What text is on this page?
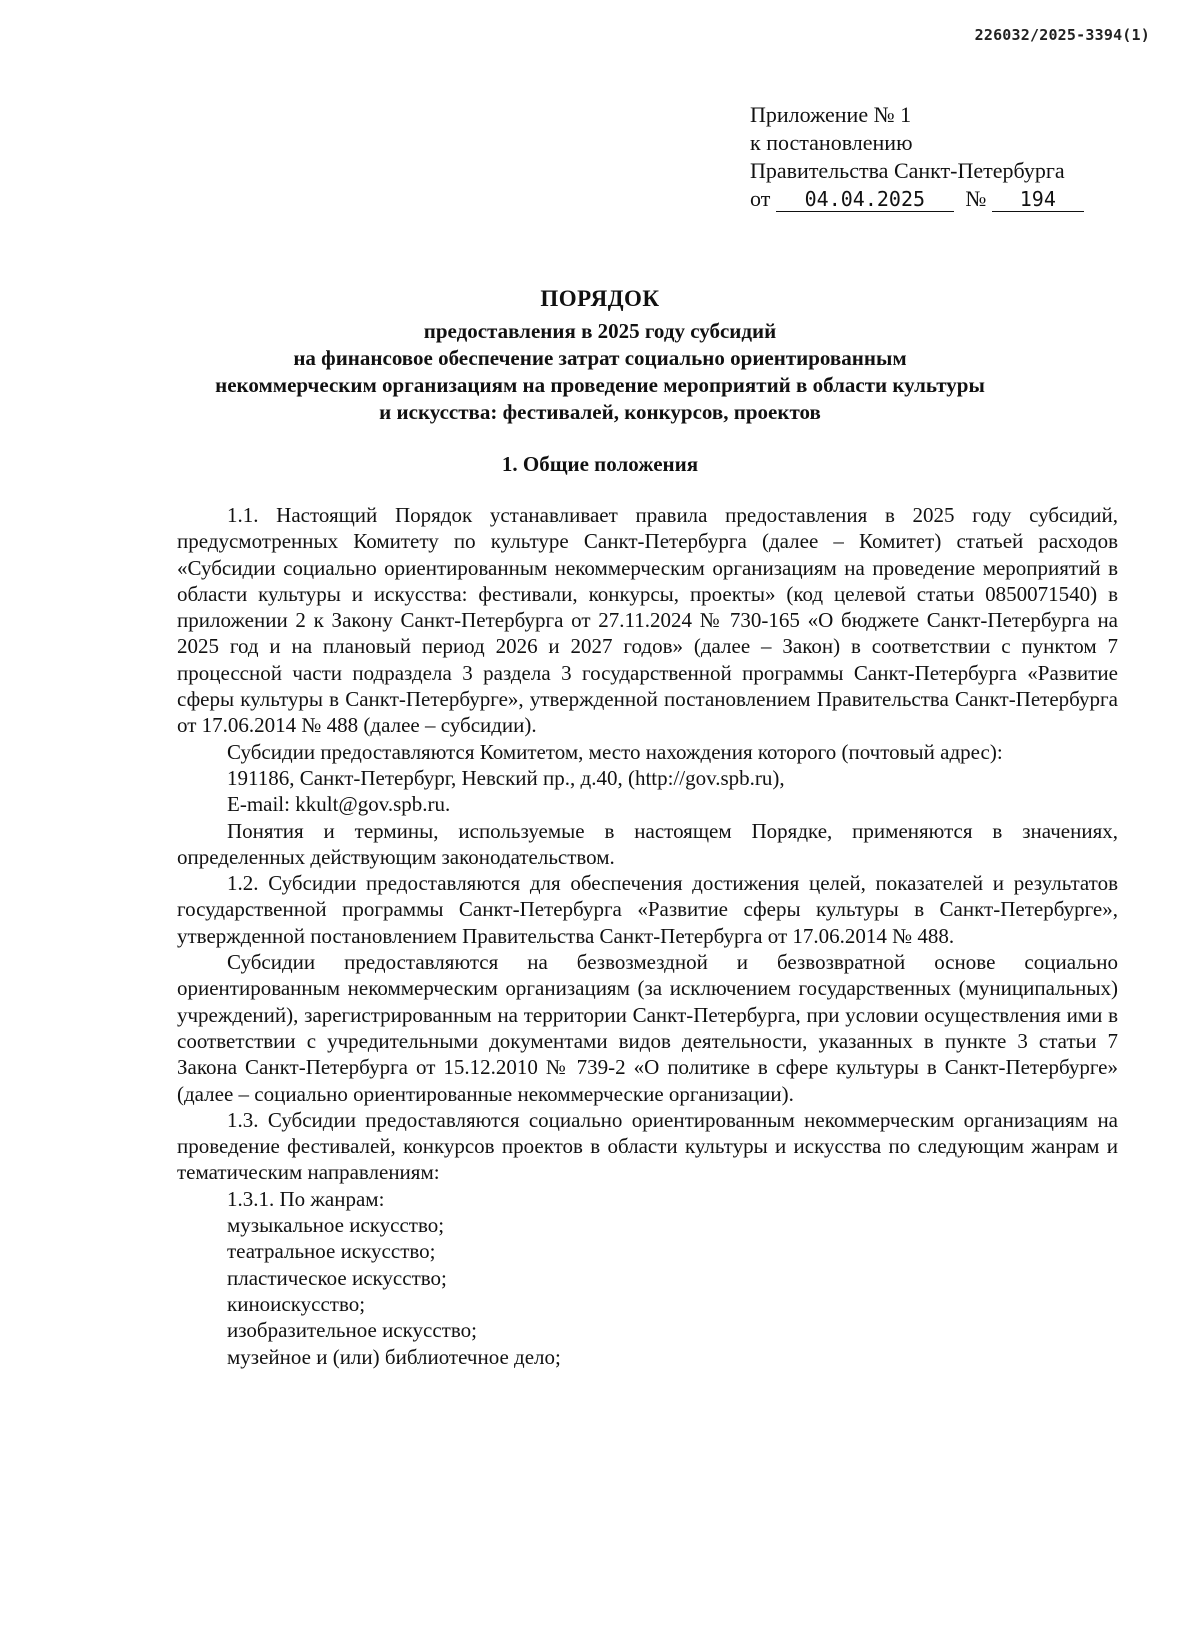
226032/2025-3394(1)
Приложение № 1
к постановлению
Правительства Санкт-Петербурга
от 04.04.2025 № 194
ПОРЯДОК
предоставления в 2025 году субсидий
на финансовое обеспечение затрат социально ориентированным
некоммерческим организациям на проведение мероприятий в области культуры
и искусства: фестивалей, конкурсов, проектов
1. Общие положения

1.1. Настоящий Порядок устанавливает правила предоставления в 2025 году субсидий, предусмотренных Комитету по культуре Санкт-Петербурга (далее – Комитет) статьей расходов «Субсидии социально ориентированным некоммерческим организациям на проведение мероприятий в области культуры и искусства: фестивали, конкурсы, проекты» (код целевой статьи 0850071540) в приложении 2 к Закону Санкт-Петербурга от 27.11.2024 № 730-165 «О бюджете Санкт-Петербурга на 2025 год и на плановый период 2026 и 2027 годов» (далее – Закон) в соответствии с пунктом 7 процессной части подраздела 3 раздела 3 государственной программы Санкт-Петербурга «Развитие сферы культуры в Санкт-Петербурге», утвержденной постановлением Правительства Санкт-Петербурга от 17.06.2014 № 488 (далее – субсидии).

Субсидии предоставляются Комитетом, место нахождения которого (почтовый адрес):

191186, Санкт-Петербург, Невский пр., д.40, (http://gov.spb.ru),

E-mail: kkult@gov.spb.ru.

Понятия и термины, используемые в настоящем Порядке, применяются в значениях, определенных действующим законодательством.

1.2. Субсидии предоставляются для обеспечения достижения целей, показателей и результатов государственной программы Санкт-Петербурга «Развитие сферы культуры в Санкт-Петербурге», утвержденной постановлением Правительства Санкт-Петербурга от 17.06.2014 № 488.

Субсидии предоставляются на безвозмездной и безвозвратной основе социально ориентированным некоммерческим организациям (за исключением государственных (муниципальных) учреждений), зарегистрированным на территории Санкт-Петербурга, при условии осуществления ими в соответствии с учредительными документами видов деятельности, указанных в пункте 3 статьи 7 Закона Санкт-Петербурга от 15.12.2010 № 739-2 «О политике в сфере культуры в Санкт-Петербурге» (далее – социально ориентированные некоммерческие организации).

1.3. Субсидии предоставляются социально ориентированным некоммерческим организациям на проведение фестивалей, конкурсов проектов в области культуры и искусства по следующим жанрам и тематическим направлениям:

1.3.1. По жанрам:

музыкальное искусство;
театральное искусство;
пластическое искусство;
киноискусство;
изобразительное искусство;
музейное и (или) библиотечное дело;
